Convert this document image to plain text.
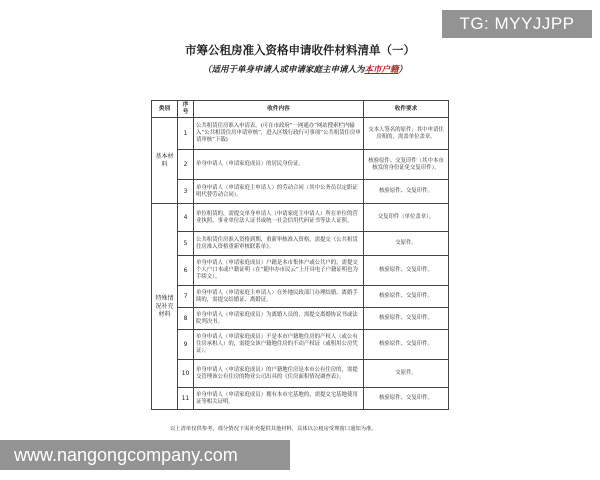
TG: MYYJJPP
市筹公租房准入资格申请收件材料清单（一）
（适用于单身申请人或申请家庭主申请人为本市户籍）
类别	序号	收件内容	收件要求
基本材料	1	公共租赁住房准入申请表。(可在市政府“一网通办”网站搜索栏内输入“公共租赁住房申请审核”，进入区级行政行可事项“公共租赁住房申请审核”下载)	交本人签名的原件；其中申请住房租的，需盖单位盖章。
	2	单身申请人（申请家庭成员）的居民身份证。	核验原件、交复印件（其中本市核发的身份证免交复印件）。
	3	单身申请人（申请家庭主申请人）的劳动合同（其中公务员以定职证明代替劳动合同）。	核验原件、交复印件。
特殊情况补充材料	4	单位租赁的，需提交单身申请人（申请家庭主申请人）所在单位的营业执照、事业单位法人证书或统一社会信用代码证书等法人证照。	交复印件（单位盖章）。
	5	公共租赁住房准入资格到期，重新审核准入资格，需提交《公共租赁住房准入资格重新审核联系单》。	交原件。
	6	单身申请人（申请家庭成员）户籍是本市集体户或公共户的，需提交个人户口本或户籍证明（在“随申办市民云”上开具电子户籍证明也为手续文）。	核验原件、交复印件。
	7	单身申请人（申请家庭主申请人）在外地民政部门办理结婚、离婚手续的，需提交结婚证、离婚证。	核验原件、交复印件。
	8	单身申请人（申请家庭成员）为离婚人员的，需提交离婚协议书或法院判决书。	核验原件、交复印件。
	9	单身申请人（申请家庭成员）不是本市户籍地住房的产权人（或公有住房承租人）的，需提交该户籍地住房的不动产权证（或租用公房凭证）。	核验原件、交复印件。
	10	单身申请人（申请家庭成员）的户籍地住房是本市公有住房的，需提交管理该公有住房的物业公司出具的《住房面积情况调查表》。	交原件。
	11	单身申请人（申请家庭成员）拥有本市宅基地的，需提交宅基地使用证等相关证明。	核验原件、交复印件。
以上清单仅供参考，部分情况下需补充提供其他材料，具体以公租房受理窗口通知为准。
www.nangongcompany.com
